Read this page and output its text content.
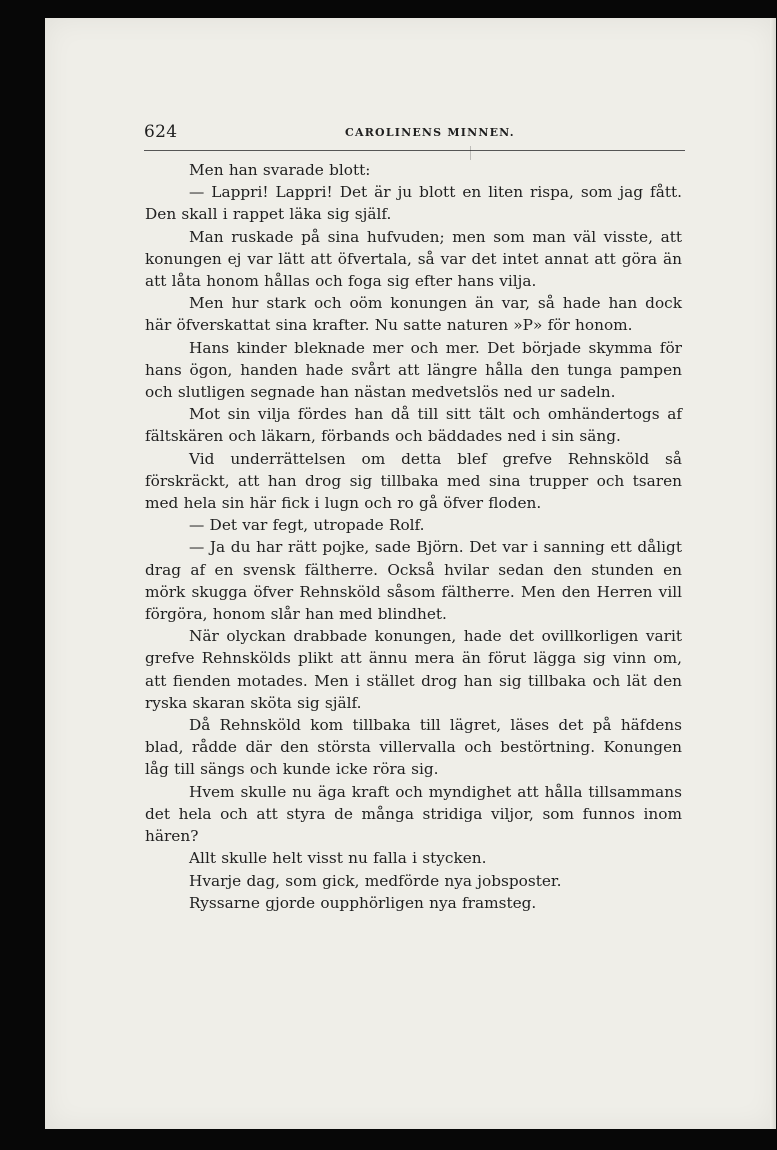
624	CAROLINENS MINNEN.

Men han svarade blott:

— Lappri! Lappri! Det är ju blott en liten rispa, som jag fått. Den skall i rappet läka sig själf.

Man ruskade på sina hufvuden; men som man väl visste, att konungen ej var lätt att öfvertala, så var det intet annat att göra än att låta honom hållas och foga sig efter hans vilja.

Men hur stark och oöm konungen än var, så hade han dock här öfverskattat sina krafter. Nu satte naturen »P» för honom.

Hans kinder bleknade mer och mer. Det började skymma för hans ögon, handen hade svårt att längre hålla den tunga pampen och slutligen segnade han nästan medvetslös ned ur sadeln.

Mot sin vilja fördes han då till sitt tält och omhändertogs af fältskären och läkarn, förbands och bäddades ned i sin säng.

Vid underrättelsen om detta blef grefve Rehnsköld så förskräckt, att han drog sig tillbaka med sina trupper och tsaren med hela sin här fick i lugn och ro gå öfver floden.

— Det var fegt, utropade Rolf.

— Ja du har rätt pojke, sade Björn. Det var i sanning ett dåligt drag af en svensk fältherre. Också hvilar sedan den stunden en mörk skugga öfver Rehnsköld såsom fältherre. Men den Herren vill förgöra, honom slår han med blindhet.

När olyckan drabbade konungen, hade det ovillkorligen varit grefve Rehnskölds plikt att ännu mera än förut lägga sig vinn om, att fienden motades. Men i stället drog han sig tillbaka och lät den ryska skaran sköta sig själf.

Då Rehnsköld kom tillbaka till lägret, läses det på häfdens blad, rådde där den största villervalla och bestörtning. Konungen låg till sängs och kunde icke röra sig.

Hvem skulle nu äga kraft och myndighet att hålla tillsammans det hela och att styra de många stridiga viljor, som funnos inom hären?

Allt skulle helt visst nu falla i stycken.

Hvarje dag, som gick, medförde nya jobsposter.

Ryssarne gjorde oupphörligen nya framsteg.
